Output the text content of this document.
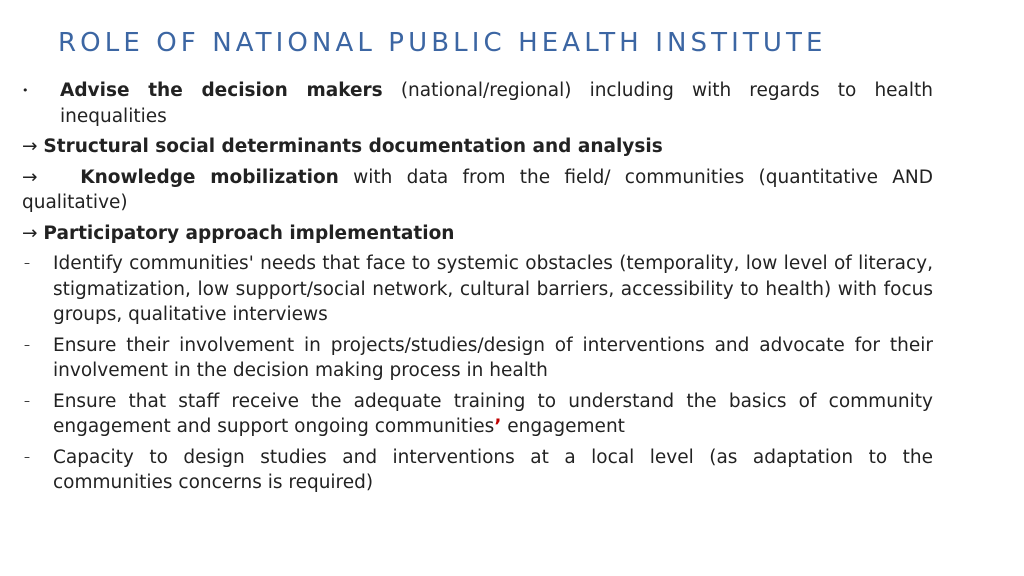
ROLE OF NATIONAL PUBLIC HEALTH INSTITUTE
•	Advise the decision makers (national/regional) including with regards to health inequalities
→ Structural social determinants documentation and analysis
→ Knowledge mobilization with data from the field/ communities (quantitative AND qualitative)
→ Participatory approach implementation
–	Identify communities' needs that face to systemic obstacles (temporality, low level of literacy, stigmatization, low support/social network, cultural barriers, accessibility to health) with focus groups, qualitative interviews
–	Ensure their involvement in projects/studies/design of interventions and advocate for their involvement in the decision making process in health
–	Ensure that staff receive the adequate training to understand the basics of community engagement and support ongoing communities’ engagement
–	Capacity to design studies and interventions at a local level (as adaptation to the communities concerns is required)
